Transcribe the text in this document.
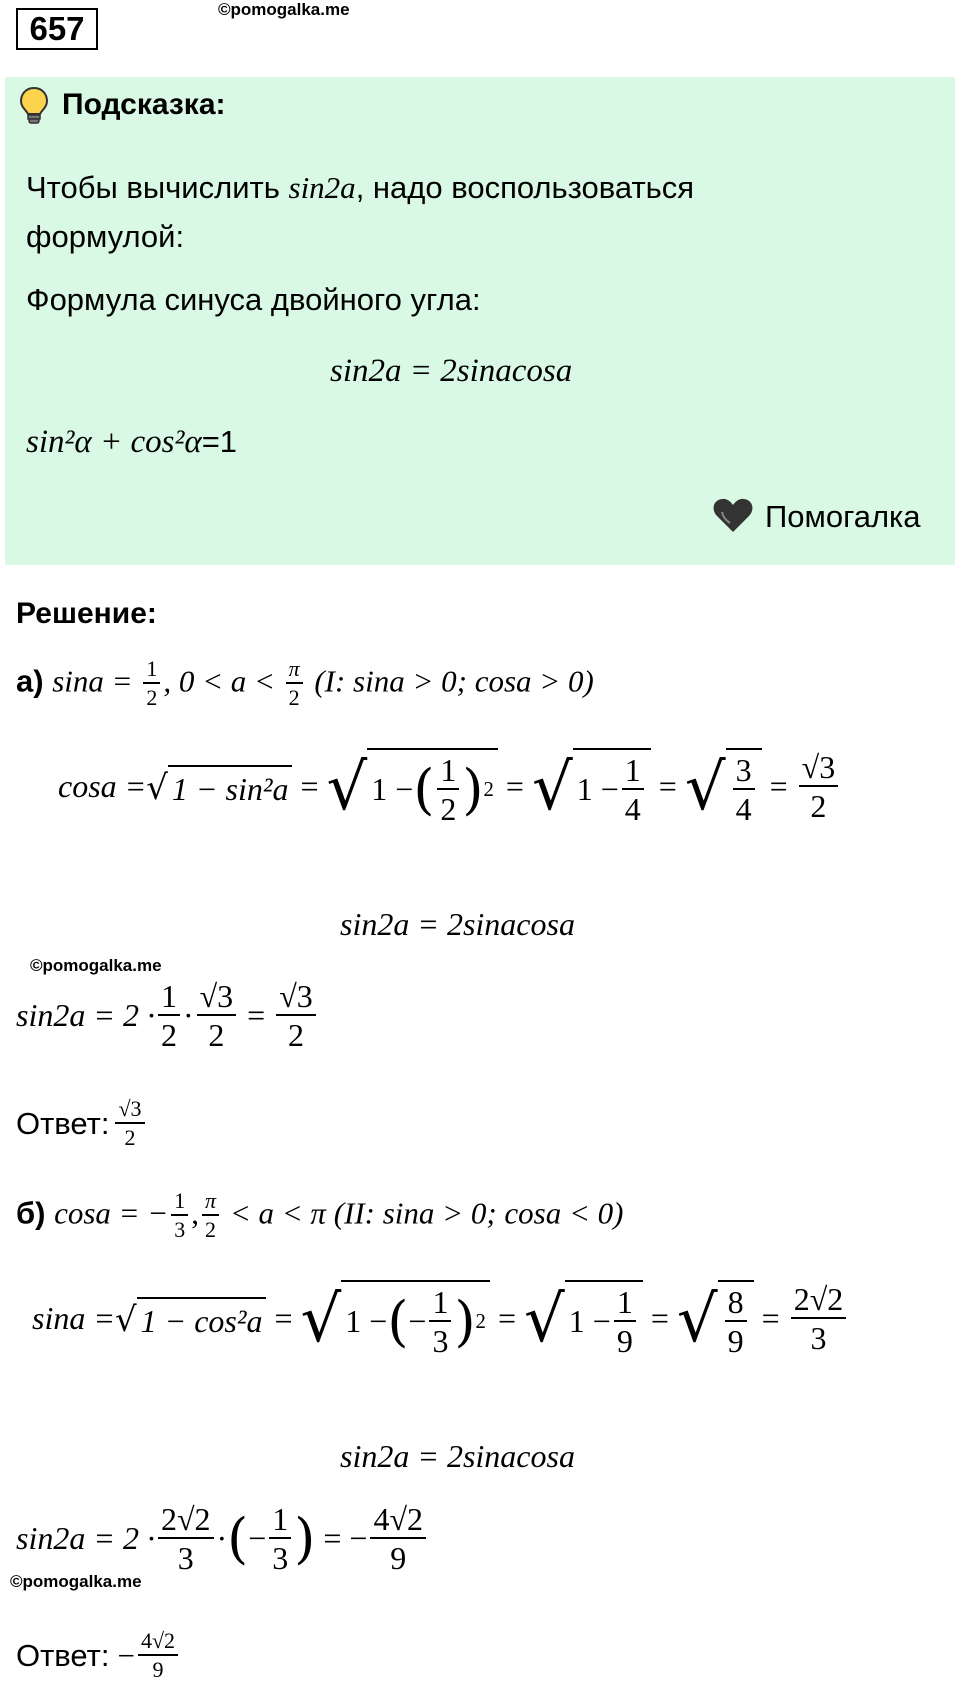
657
©pomogalka.me
Подсказка:
Чтобы вычислить sin2a, надо воспользоваться
формулой:
Формула синуса двойного угла:
sin2a = 2sinacosa
sin²α + cos²α=1
Помогалка
Решение:
а) $\sin a = \frac{1}{2}$ , $0 < a < \frac{\pi}{2} (I$: sina > 0; cosa > 0)
cosa = √ 1 − sin²a = √ 1 − ( 1
2 ) 2 = √ 1 −
1
4
= √ 3
4
= $\frac{√3}{2}$
sin2a = 2sinacosa
©pomogalka.me
sin2a = 2 ·
1
2
· $\frac{√3}{2} = \frac{√3}{2}$
Ответ: √3
2
б) cosa = − $\frac{1}{3}$ , $\frac{\pi}{2} < a < \pi$ (II: sina > 0; cosa < 0)
sina = √ 1 − cos²a = √ 1 − ( −
1
3 ) 2 = √ 1 −
1
9
= √ 8
9
= $\frac{2√2}{3}$
sin2a = 2sinacosa
sin2a = 2 ·
2√2
3
· ( − $\frac{1}{3}$ ) = − $\frac{4√2}{9}$
©pomogalka.me
Ответ: − $\frac{4√2}{9}$
